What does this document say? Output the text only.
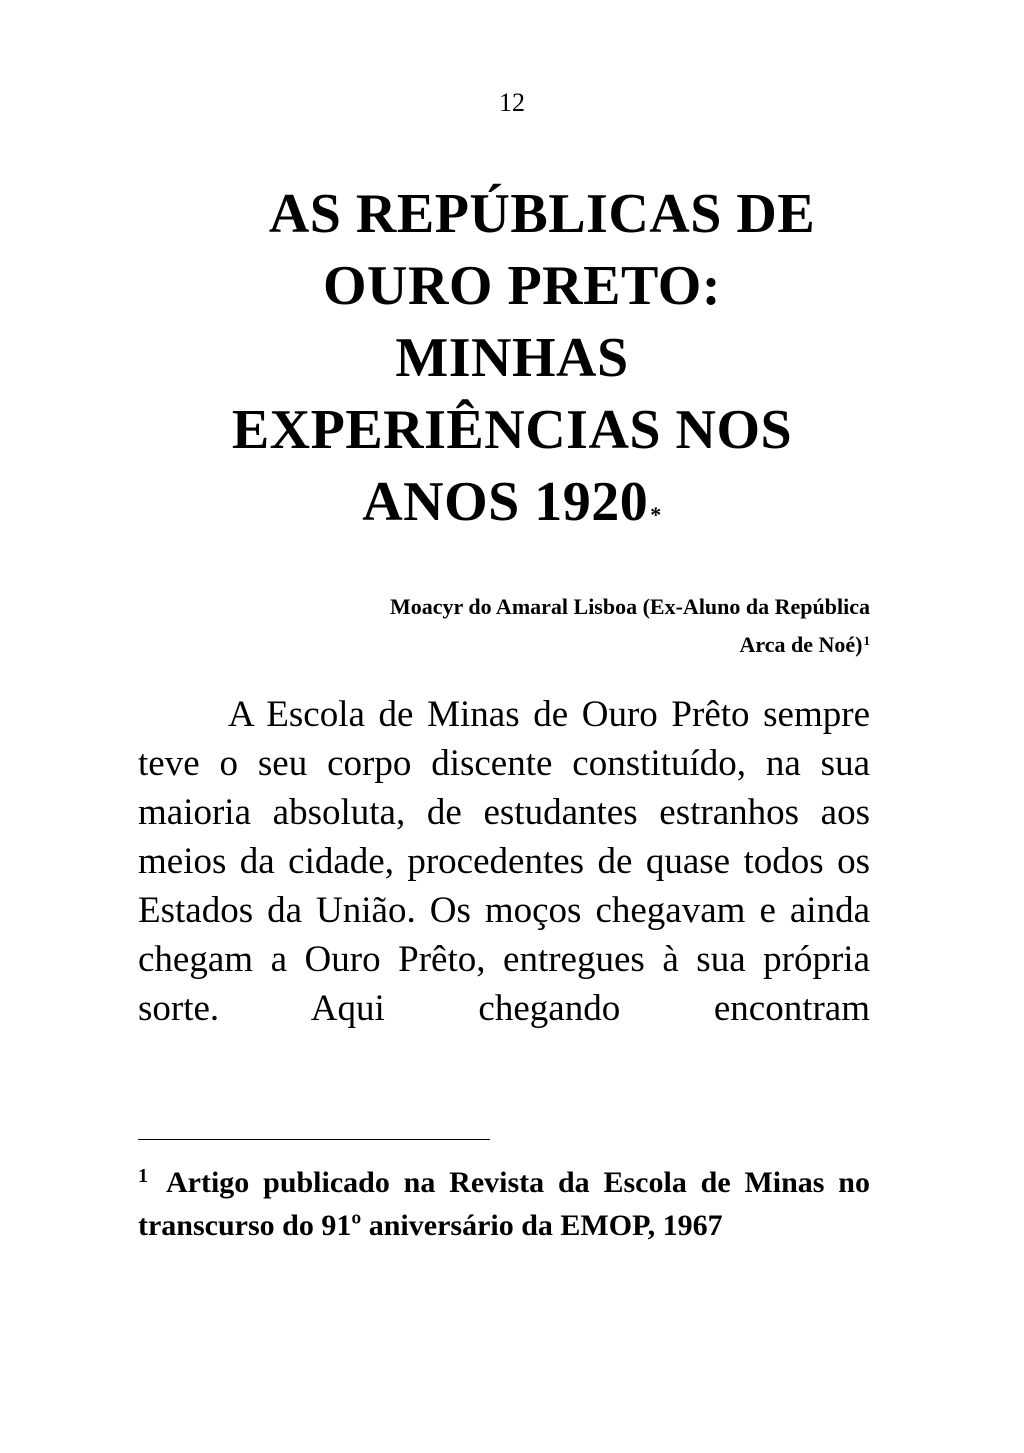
12
AS REPÚBLICAS DE
OURO PRETO:
MINHAS
EXPERIÊNCIAS NOS
ANOS 1920*
Moacyr do Amaral Lisboa (Ex-Aluno da República
Arca de Noé)$^1$

A Escola de Minas de Ouro Prêto sempre teve o seu corpo discente constituído, na sua maioria absoluta, de estudantes estranhos aos meios da cidade, procedentes de quase todos os Estados da União. Os moços chegavam e ainda chegam a Ouro Prêto, entregues à sua própria sorte. Aqui chegando encontram

$^1$ Artigo publicado na Revista da Escola de Minas no transcurso do 91º aniversário da EMOP, 1967
